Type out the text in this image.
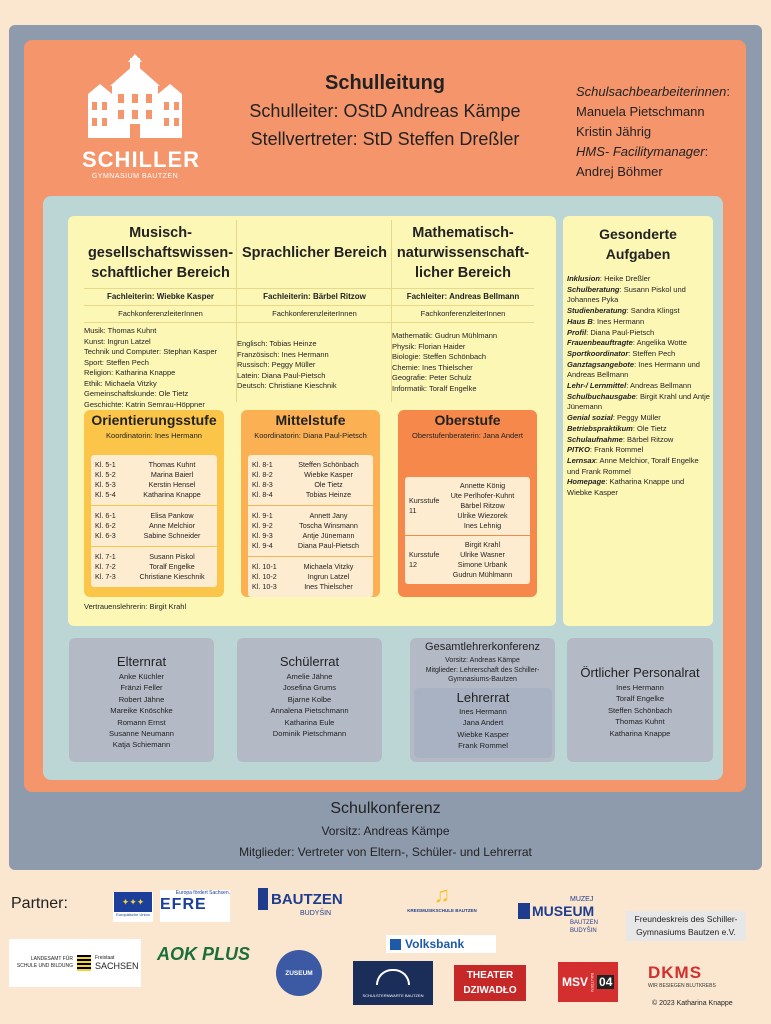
SCHILLER
GYMNASIUM BAUTZEN
Schulleitung
Schulleiter: OStD Andreas Kämpe
Stellvertreter: StD Steffen Dreßler
Schulsachbearbeiterinnen:
Manuela Pietschmann
Kristin Jährig
HMS- Facilitymanager:
Andrej Böhmer
Musisch-gesellschaftswissen-schaftlicher Bereich
Fachleiterin: Wiebke Kasper
FachkonferenzleiterInnen
Musik: Thomas Kuhnt
Kunst: Ingrun Latzel
Technik und Computer: Stephan Kasper
Sport: Steffen Pech
Religion: Katharina Knappe
Ethik: Michaela Vitzky
Gemeinschaftskunde: Ole Tietz
Geschichte: Katrin Semrau-Höppner
Sprachlicher Bereich
Fachleiterin: Bärbel Ritzow
FachkonferenzleiterInnen
Englisch: Tobias Heinze
Französisch: Ines Hermann
Russisch: Peggy Müller
Latein: Diana Paul-Pietsch
Deutsch: Christiane Kieschnik
Mathematisch-naturwissenschaft-licher Bereich
Fachleiter: Andreas Bellmann
FachkonferenzleiterInnen
Mathematik: Gudrun Mühlmann
Physik: Florian Haider
Biologie: Steffen Schönbach
Chemie: Ines Thielscher
Geografie: Peter Schulz
Informatik: Toralf Engelke
Orientierungsstufe
Koordinatorin: Ines Hermann
Kl. 5-1
Kl. 5-2
Kl. 5-3
Kl. 5-4
Thomas Kuhnt
Marina Baierl
Kerstin Hensel
Katharina Knappe
Kl. 6-1
Kl. 6-2
Kl. 6-3
Elisa Pankow
Anne Melchior
Sabine Schneider
Kl. 7-1
Kl. 7-2
Kl. 7-3
Susann Piskol
Toralf Engelke
Christiane Kieschnik
Mittelstufe
Koordinatorin: Diana Paul-Pietsch
Kl. 8-1
Kl. 8-2
Kl. 8-3
Kl. 8-4
Steffen Schönbach
Wiebke Kasper
Ole Tietz
Tobias Heinze
Kl. 9-1
Kl. 9-2
Kl. 9-3
Kl. 9-4
Annett Jany
Toscha Winsmann
Antje Jünemann
Diana Paul-Pietsch
Kl. 10-1
Kl. 10-2
Kl. 10-3
Michaela Vitzky
Ingrun Latzel
Ines Thielscher
Oberstufe
Oberstufenberaterin: Jana Andert
Kursstufe 11
Annette König
Ute Perlhofer-Kuhnt
Bärbel Ritzow
Ulrike Wiezorek
Ines Lehnig
Kursstufe 12
Birgit Krahl
Ulrike Wasner
Simone Urbank
Gudrun Mühlmann
Vertrauenslehrerin: Birgit Krahl
Gesonderte Aufgaben
Inklusion: Heike Dreßler
Schulberatung: Susann Piskol und Johannes Pyka
Studienberatung: Sandra Klingst
Haus B: Ines Hermann
Profil: Diana Paul-Pietsch
Frauenbeauftragte: Angelika Wotte
Sportkoordinator: Steffen Pech
Ganztagsangebote: Ines Hermann und Andreas Bellmann
Lehr-/ Lernmittel: Andreas Bellmann
Schulbuchausgabe: Birgit Krahl und Antje Jünemann
Genial sozial: Peggy Müller
Betriebspraktikum: Ole Tietz
Schulaufnahme: Bärbel Ritzow
PITKO: Frank Rommel
Lernsax: Anne Melchior, Toralf Engelke und Frank Rommel
Homepage: Katharina Knappe und Wiebke Kasper
Elternrat
Anke Küchler
Fränzi Feller
Robert Jähne
Mareike Knöschke
Romann Ernst
Susanne Neumann
Katja Schiemann
Schülerrat
Amelie Jähne
Josefina Grums
Bjarne Kolbe
Annalena Pietschmann
Katharina Eule
Dominik Pietschmann
Gesamtlehrerkonferenz
Vorsitz: Andreas Kämpe
Mitglieder: Lehrerschaft des Schiller-Gymnasiums-Bautzen
Lehrerrat
Ines Hermann
Jana Andert
Wiebke Kasper
Frank Rommel
Örtlicher Personalrat
Ines Hermann
Toralf Engelke
Steffen Schönbach
Thomas Kuhnt
Katharina Knappe
Schulkonferenz
Vorsitz: Andreas Kämpe
Mitglieder: Vertreter von Eltern-, Schüler- und Lehrerrat
Partner:	✦✦✦
Europäische Union
Europa fördert Sachsen.
EFRE	BAUTZEN
BUDYŠIN
♫
KREISMUSIKSCHULE BAUTZEN
MUZEJ
MUSEUM
BAUTZEN
BUDYŠIN
Freundeskreis des Schiller-Gymnasiums Bautzen e.V.
LANDESAMT FÜR SCHULE UND BILDUNG
Freistaat
SACHSEN
AOK PLUS
ZUSEUM
Volksbank
SCHULSTERNWARTE BAUTZEN
THEATER
DZIWADŁO
MSV BAUTZEN 04 DKMS
WIR BESIEGEN BLUTKREBS
© 2023 Katharina Knappe
